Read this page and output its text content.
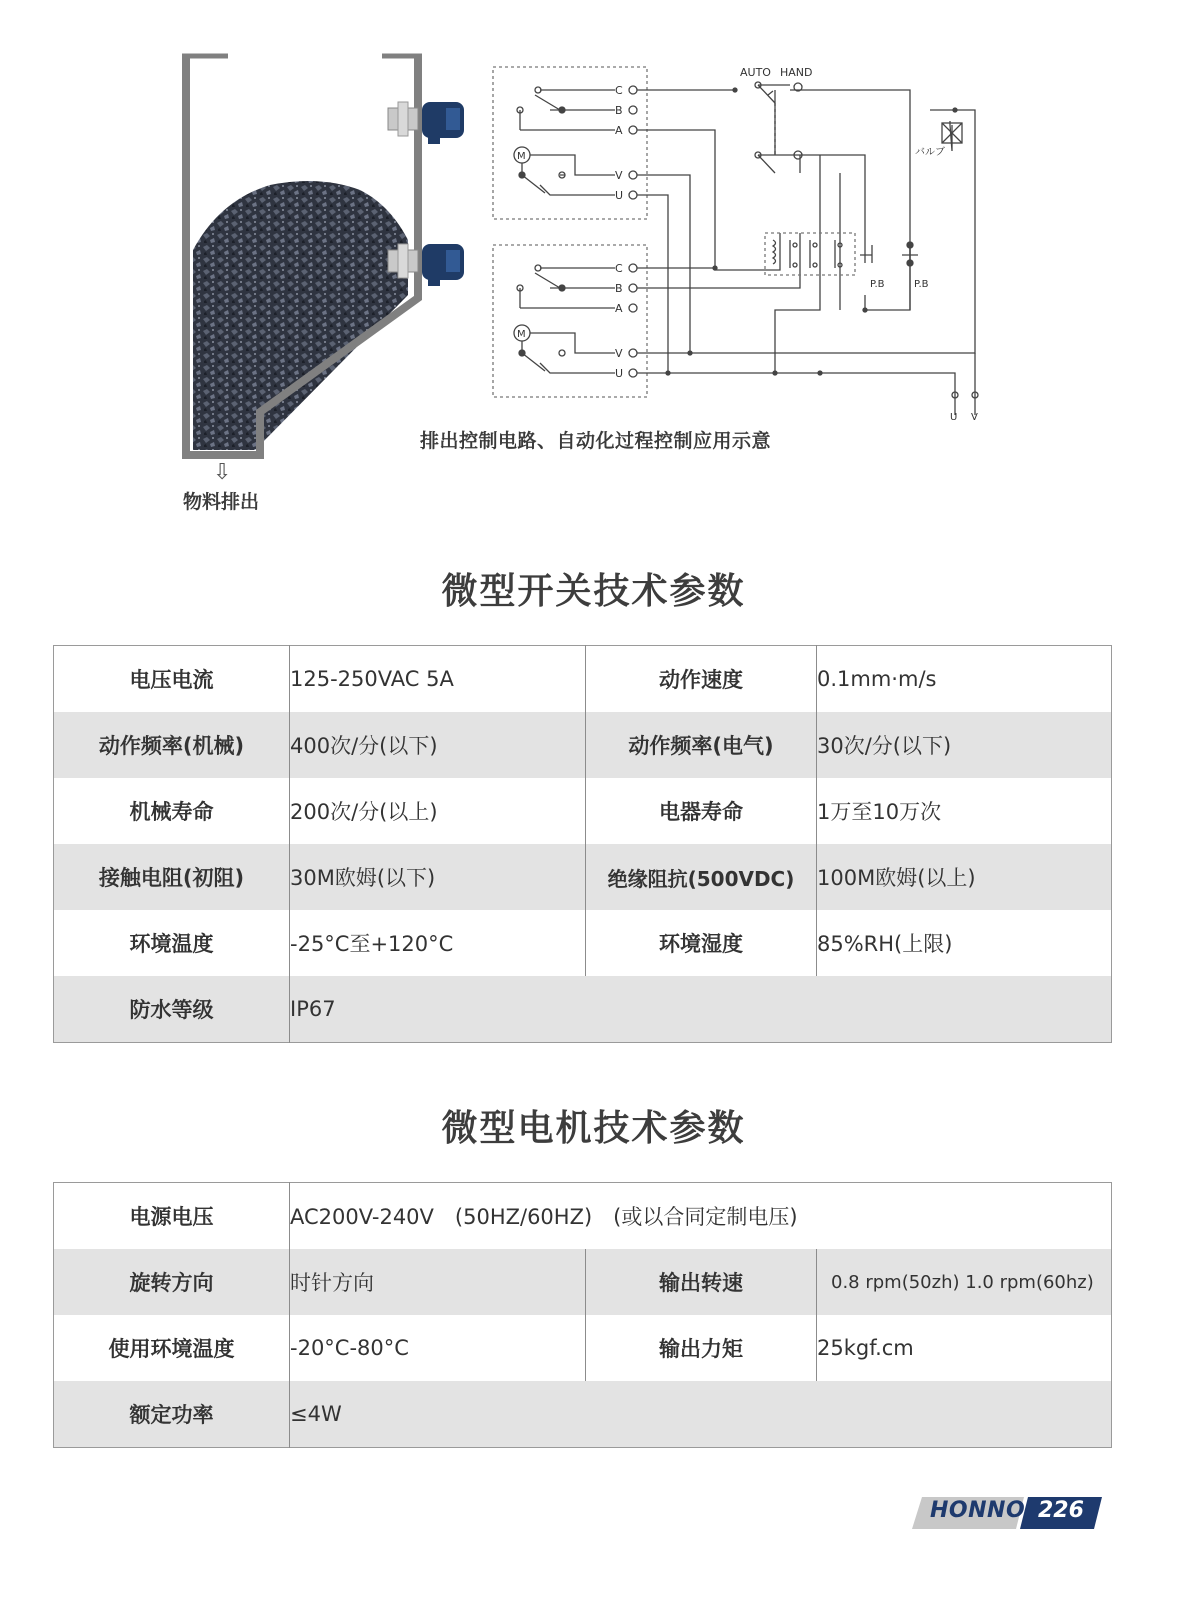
⇩
物料排出
C
B
A
V
U
M
C
B
A
V
U
M
AUTO HAND
バルブ
P.B	P.B
U V
排出控制电路、自动化过程控制应用示意
微型开关技术参数
电压电流	125-250VAC 5A	动作速度	0.1mm·m/s
动作频率(机械)	400次/分(以下)	动作频率(电气)	30次/分(以下)
机械寿命	200次/分(以上)	电器寿命	1万至10万次
接触电阻(初阻)	30M欧姆(以下)	绝缘阻抗(500VDC)	100M欧姆(以上)
环境温度	-25°C至+120°C	环境湿度	85%RH(上限)
防水等级	IP67		
微型电机技术参数
电源电压	AC200V-240V　(50HZ/60HZ)　(或以合同定制电压)		
旋转方向	时针方向	输出转速	0.8 rpm(50zh) 1.0 rpm(60hz)
使用环境温度	-20°C-80°C	输出力矩	25kgf.cm
额定功率	≤4W		
HONNO 226
